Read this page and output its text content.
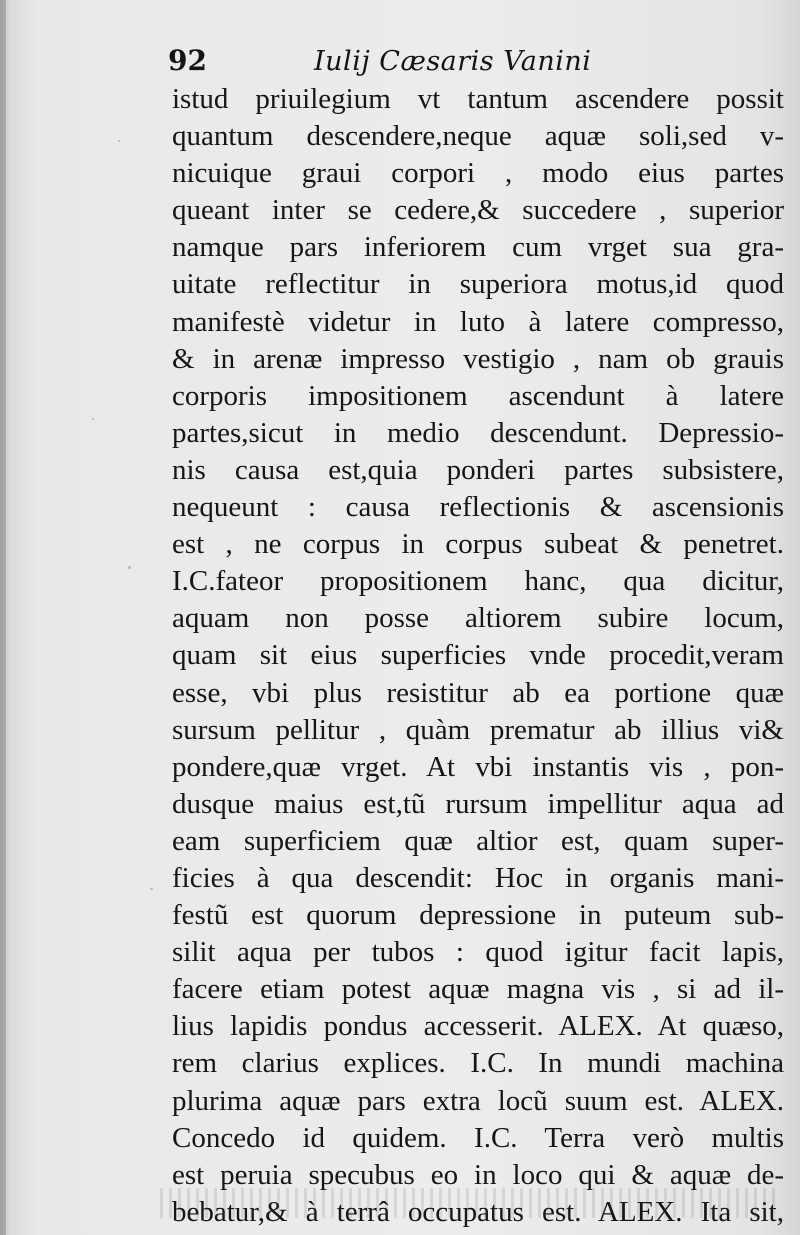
92	Iulij Cæsaris Vanini
istud priuilegium vt tantum ascendere possit
quantum descendere,neque aquæ soli,sed v-
nicuique graui corpori , modo eius partes
queant inter se cedere,& succedere , superior
namque pars inferiorem cum vrget sua gra-
uitate reflectitur in superiora motus,id quod
manifestè videtur in luto à latere compresso,
& in arenæ impresso vestigio , nam ob grauis
corporis impositionem ascendunt à latere
partes,sicut in medio descendunt. Depressio-
nis causa est,quia ponderi partes subsistere,
nequeunt : causa reflectionis & ascensionis
est , ne corpus in corpus subeat & penetret.
I.C.fateor propositionem hanc, qua dicitur,
aquam non posse altiorem subire locum,
quam sit eius superficies vnde procedit,veram
esse, vbi plus resistitur ab ea portione quæ
sursum pellitur , quàm prematur ab illius vi&
pondere,quæ vrget. At vbi instantis vis , pon-
dusque maius est,tũ rursum impellitur aqua ad
eam superficiem quæ altior est, quam super-
ficies à qua descendit: Hoc in organis mani-
festũ est quorum depressione in puteum sub-
silit aqua per tubos : quod igitur facit lapis,
facere etiam potest aquæ magna vis , si ad il-
lius lapidis pondus accesserit. ALEX. At quæso,
rem clarius explices. I.C. In mundi machina
plurima aquæ pars extra locũ suum est. ALEX.
Concedo id quidem. I.C. Terra verò multis
est peruia specubus eo in loco qui & aquæ de-
bebatur,& à terrâ occupatus est. ALEX. Ita sit,
